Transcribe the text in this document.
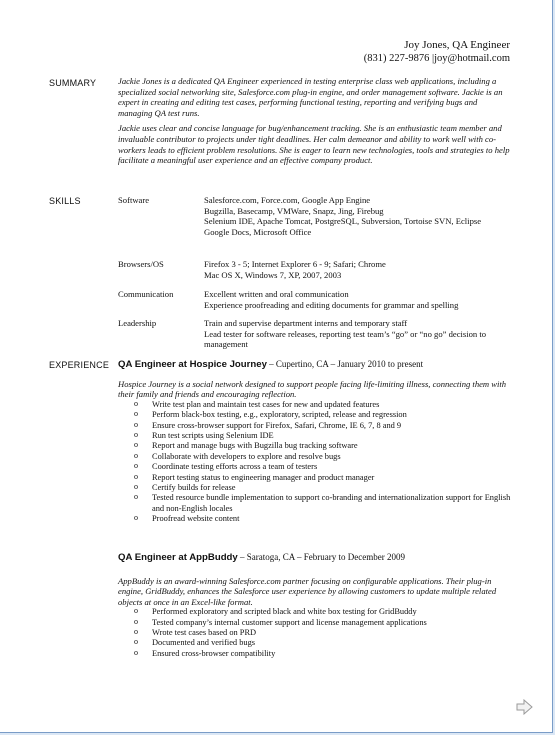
Joy Jones, QA Engineer
(831) 227-9876 |joy@hotmail.com
SUMMARY	Jackie Jones is a dedicated QA Engineer experienced in testing enterprise class web applications, including a specialized social networking site, Salesforce.com plug-in engine, and order management software. Jackie is an expert in creating and editing test cases, performing functional testing, reporting and verifying bugs and managing QA test runs.

Jackie uses clear and concise language for bug/enhancement tracking. She is an enthusiastic team member and invaluable contributor to projects under tight deadlines. Her calm demeanor and ability to work well with co-workers leads to efficient problem resolutions. She is eager to learn new technologies, tools and strategies to help facilitate a meaningful user experience and an effective company product.

SKILLS	Software	Salesforce.com, Force.com, Google App Engine
Bugzilla, Basecamp, VMWare, Snapz, Jing, Firebug
Selenium IDE, Apache Tomcat, PostgreSQL, Subversion, Tortoise SVN, Eclipse
Google Docs, Microsoft Office
Browsers/OS	Firefox 3 - 5; Internet Explorer 6 - 9; Safari; Chrome
Mac OS X, Windows 7, XP, 2007, 2003
Communication	Excellent written and oral communication
Experience proofreading and editing documents for grammar and spelling
Leadership	Train and supervise department interns and temporary staff
Lead tester for software releases, reporting test team’s “go” or “no go” decision to management
EXPERIENCE QA Engineer at Hospice Journey – Cupertino, CA – January 2010 to present

Hospice Journey is a social network designed to support people facing life-limiting illness, connecting them with their family and friends and encouraging reflection.

o Write test plan and maintain test cases for new and updated features
o Perform black-box testing, e.g., exploratory, scripted, release and regression
o Ensure cross-browser support for Firefox, Safari, Chrome, IE 6, 7, 8 and 9
o Run test scripts using Selenium IDE
o Report and manage bugs with Bugzilla bug tracking software
o Collaborate with developers to explore and resolve bugs
o Coordinate testing efforts across a team of testers
o Report testing status to engineering manager and product manager
o Certify builds for release
o Tested resource bundle implementation to support co-branding and internationalization support for English and non-English locales
o Proofread website content
QA Engineer at AppBuddy – Saratoga, CA – February to December 2009

AppBuddy is an award-winning Salesforce.com partner focusing on configurable applications. Their plug-in engine, GridBuddy, enhances the Salesforce user experience by allowing customers to update multiple related objects at once in an Excel-like format.

o Performed exploratory and scripted black and white box testing for GridBuddy
o Tested company’s internal customer support and license management applications
o Wrote test cases based on PRD
o Documented and verified bugs
o Ensured cross-browser compatibility
